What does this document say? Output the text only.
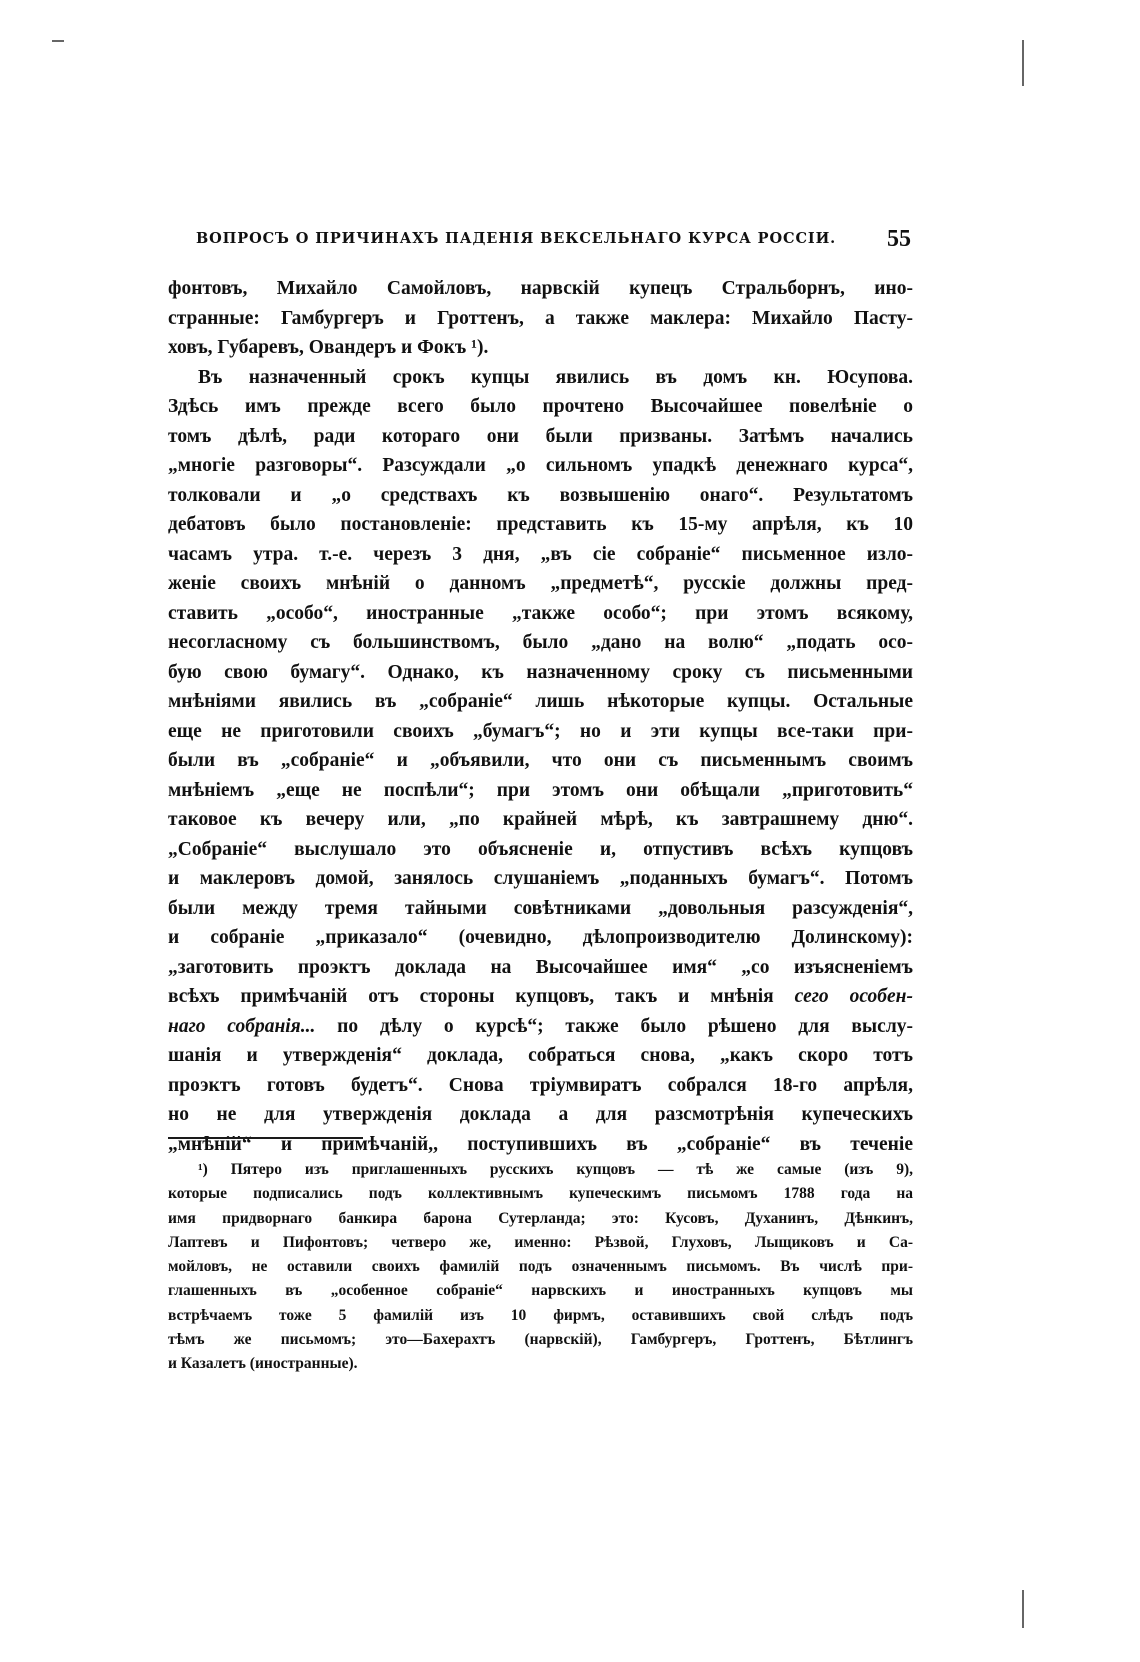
ВОПРОСЪ О ПРИЧИНАХЪ ПАДЕНІЯ ВЕКСЕЛЬНАГО КУРСА РОССІИ. 55
фонтовъ, Михайло Самойловъ, нарвскій купецъ Стральборнъ, ино-
странные: Гамбургеръ и Гроттенъ, а также маклера: Михайло Пасту-
ховъ, Губаревъ, Овандеръ и Фокъ ¹).
Въ назначенный срокъ купцы явились въ домъ кн. Юсупова.
Здѣсь имъ прежде всего было прочтено Высочайшее повелѣніе о
томъ дѣлѣ, ради которaго они были призваны. Затѣмъ начались
„многіе разговоры“. Разсуждали „о сильномъ упадкѣ денежнаго курса“,
толковали и „о средствахъ къ возвышенію онаго“. Результатомъ
дебатовъ было постановленіе: представить къ 15-му апрѣля, къ 10
часамъ утра. т.-е. черезъ 3 дня, „въ сіе собраніе“ письменное изло-
женіе своихъ мнѣній о данномъ „предметѣ“, русскіе должны пред-
ставить „особо“, иностранные „также особо“; при этомъ всякому,
несогласному съ большинствомъ, было „дано на волю“ „подать осо-
бую свою бумагу“. Однако, къ назначенному сроку съ письменными
мнѣніями явились въ „собраніе“ лишь нѣкоторые купцы. Остальные
еще не приготовили своихъ „бумагъ“; но и эти купцы все-таки при-
были въ „собраніе“ и „объявили, что они съ письменнымъ своимъ
мнѣніемъ „еще не поспѣли“; при этомъ они обѣщали „приготовить“
таковое къ вечеру или, „по крайней мѣрѣ, къ завтрашнему дню“.
„Собраніе“ выслушало это объясненіе и, отпустивъ всѣхъ купцовъ
и маклеровъ домой, занялось слушаніемъ „поданныхъ бумагъ“. Потомъ
были между тремя тайными совѣтниками „довольныя разсужденія“,
и собраніе „приказало“ (очевидно, дѣлопроизводителю Долинскому):
„заготовить проэктъ доклада на Высочайшее имя“ „со изъясненіемъ
всѣхъ примѣчаній отъ стороны купцовъ, такъ и мнѣнія сего особен-
наго собранія... по дѣлу о курсѣ“; также было рѣшено для выслу-
шанія и утвержденія“ доклада, собраться снова, „какъ скоро тотъ
проэктъ готовъ будетъ“. Снова тріумвиратъ собрался 18-го апрѣля,
но не для утвержденія доклада а для разсмотрѣнія купеческихъ
„мнѣній“ и примѣчаній,, поступившихъ въ „собраніе“ въ теченіе
¹) Пятеро изъ приглашенныхъ русскихъ купцовъ — тѣ же самые (изъ 9),
которые подписались подъ коллективнымъ купеческимъ письмомъ 1788 года на
имя придворнаго банкира барона Сутерланда; это: Кусовъ, Духанинъ, Дѣнкинъ,
Лаптевъ и Пифонтовъ; четверо же, именно: Рѣзвой, Глуховъ, Лыщиковъ и Са-
мойловъ, не оставили своихъ фамилій подъ означеннымъ письмомъ. Въ числѣ при-
глашенныхъ въ „особенное собраніе“ нарвскихъ и иностранныхъ купцовъ мы
встрѣчаемъ тоже 5 фамилій изъ 10 фирмъ, оставившихъ свой слѣдъ подъ
тѣмъ же письмомъ; это—Бахерахтъ (нарвскій), Гамбургеръ, Гроттенъ, Бѣтлингъ
и Казалетъ (иностранные).
